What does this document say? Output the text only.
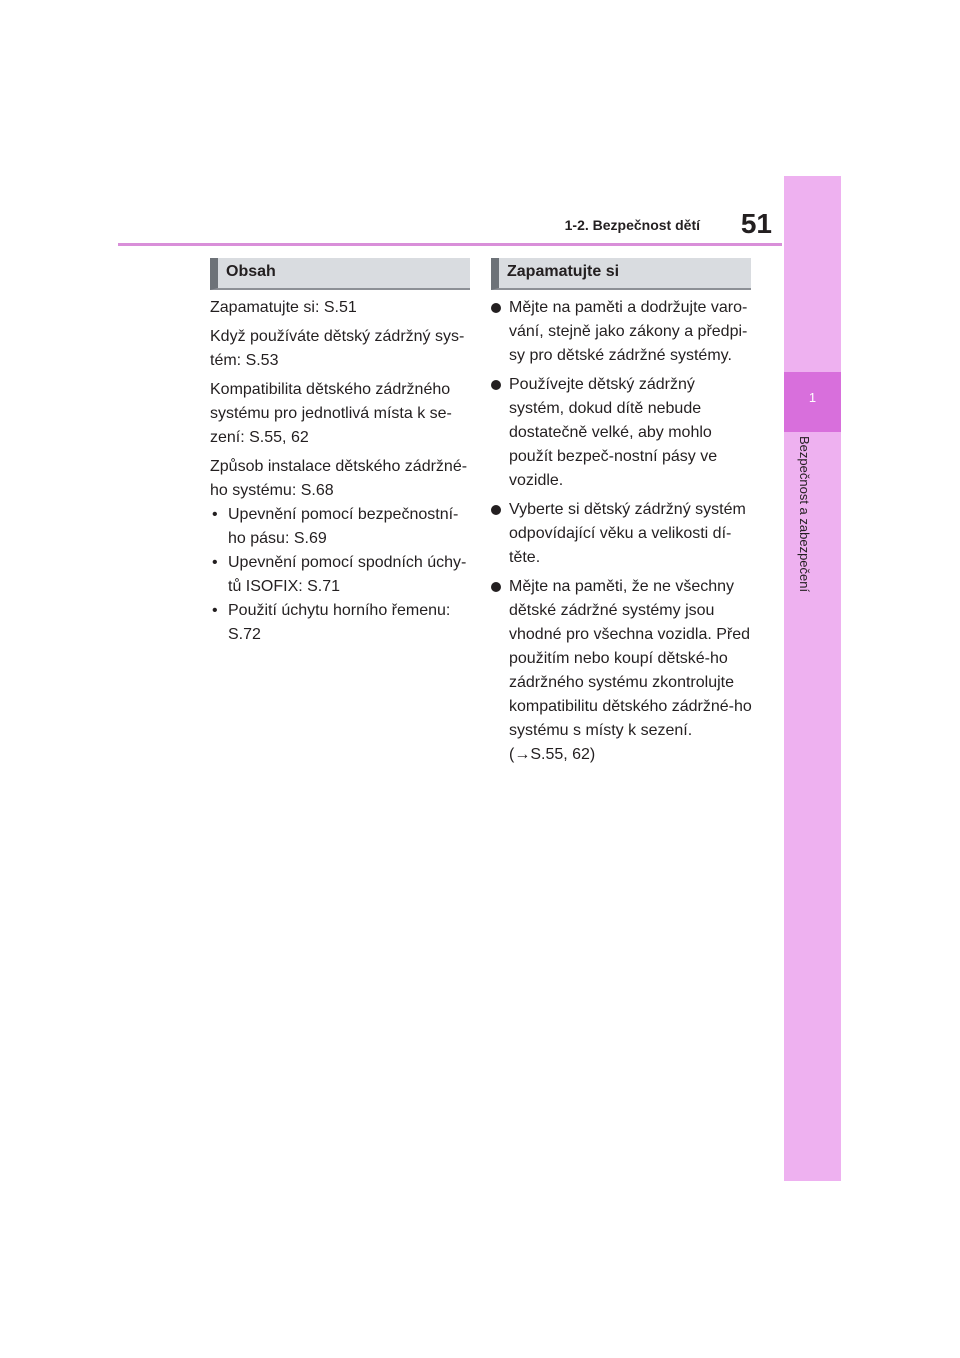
1-2. Bezpečnost dětí	51
1
Bezpečnost a zabezpečení
Obsah	Zapamatujte si

Zapamatujte si: S.51

Když používáte dětský zádržný sys-tém: S.53

Kompatibilita dětského zádržného systému pro jednotlivá místa k se-zení: S.55, 62

Způsob instalace dětského zádržné-ho systému: S.68

• Upevnění pomocí bezpečnostní-ho pásu: S.69
• Upevnění pomocí spodních úchy-tů ISOFIX: S.71
• Použití úchytu horního řemenu: S.72
Mějte na paměti a dodržujte varo-vání, stejně jako zákony a předpi-sy pro dětské zádržné systémy.
Používejte dětský zádržný systém, dokud dítě nebude dostatečně velké, aby mohlo použít bezpeč-nostní pásy ve vozidle.
Vyberte si dětský zádržný systém odpovídající věku a velikosti dí-těte.
Mějte na paměti, že ne všechny dětské zádržné systémy jsou vhodné pro všechna vozidla. Před použitím nebo koupí dětské-ho zádržného systému zkontrolujte kompatibilitu dětského zádržné-ho systému s místy k sezení. (→S.55, 62)
